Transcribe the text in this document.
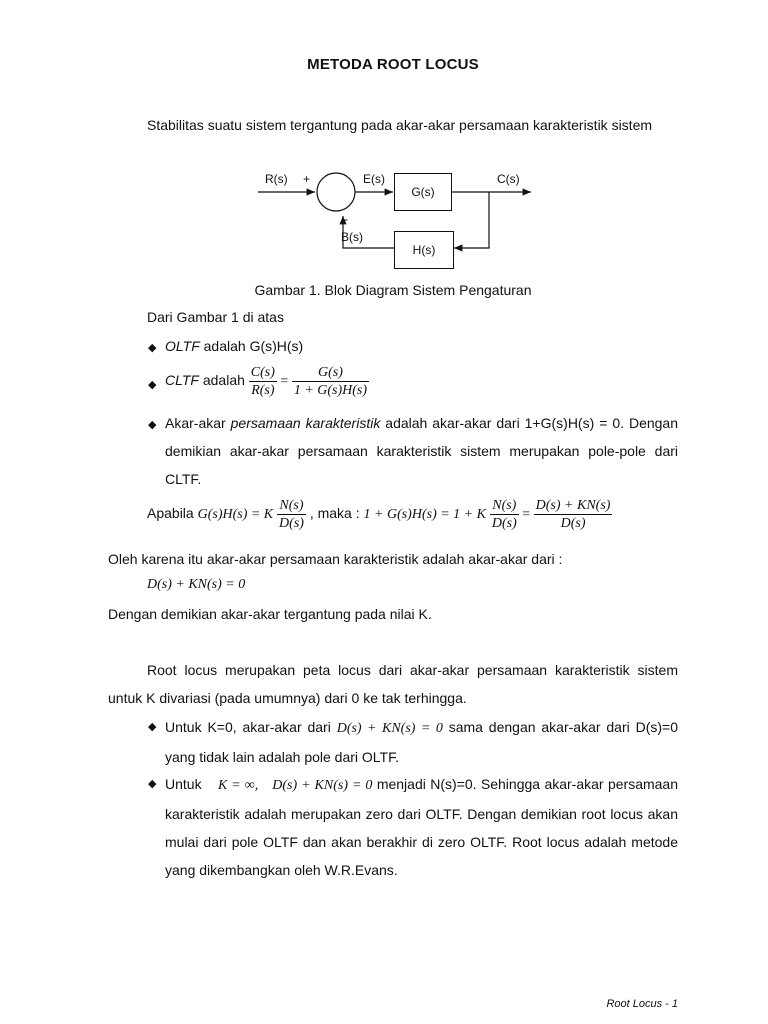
METODA ROOT LOCUS
Stabilitas suatu sistem tergantung pada akar-akar persamaan karakteristik sistem
G(s)
H(s)
R(s) +	E(s)	C(s)
-
B(s)
Gambar 1. Blok Diagram Sistem Pengaturan
Dari Gambar 1 di atas
◆ OLTF adalah G(s)H(s)
◆ CLTF adalah $\frac{C(s)}{R(s)} = \frac{G(s)}{1 + G(s)H(s)}$
◆ Akar-akar persamaan karakteristik adalah akar-akar dari 1+G(s)H(s) = 0. Dengan demikian akar-akar persamaan karakteristik sistem merupakan pole-pole dari CLTF.
Apabila G(s)H(s) = K $\frac{N(s)}{D(s)}$ , maka : 1 + G(s)H(s) = 1 + K $\frac{N(s)}{D(s)} = \frac{D(s) + KN(s)}{D(s)}$
Oleh karena itu akar-akar persamaan karakteristik adalah akar-akar dari :
D(s) + KN(s) = 0
Dengan demikian akar-akar tergantung pada nilai K.
Root locus merupakan peta locus dari akar-akar persamaan karakteristik sistem untuk K divariasi (pada umumnya) dari 0 ke tak terhingga.
◆ Untuk K=0, akar-akar dari D(s) + KN(s) = 0 sama dengan akar-akar dari D(s)=0 yang tidak lain adalah pole dari OLTF.
◆ Untuk K = ∞, D(s) + KN(s) = 0 menjadi N(s)=0. Sehingga akar-akar persamaan karakteristik adalah merupakan zero dari OLTF. Dengan demikian root locus akan mulai dari pole OLTF dan akan berakhir di zero OLTF. Root locus adalah metode yang dikembangkan oleh W.R.Evans.
Root Locus - 1
